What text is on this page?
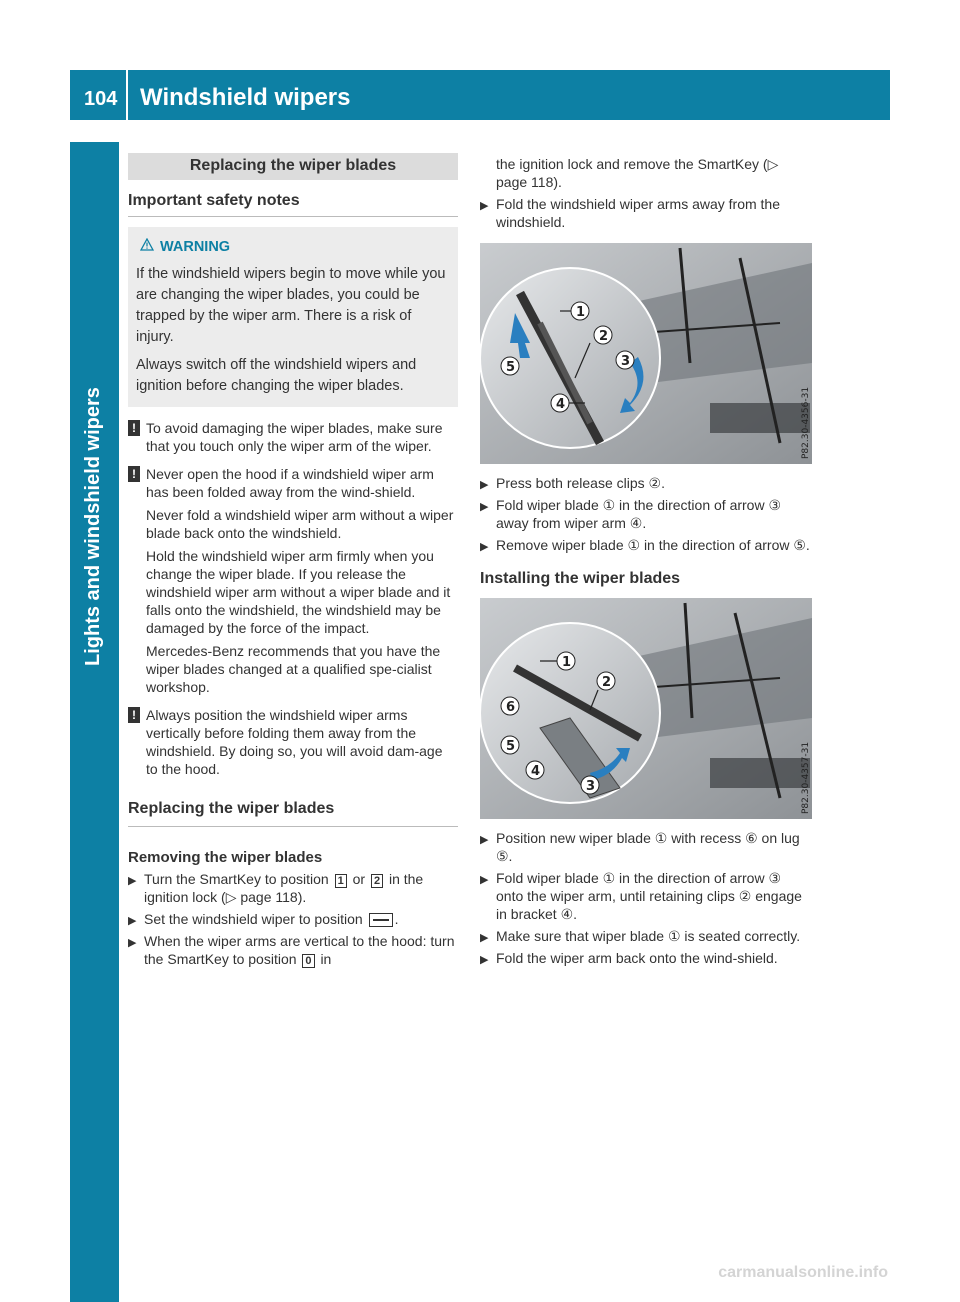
104 Windshield wipers
Lights and windshield wipers
Replacing the wiper blades
Important safety notes
WARNING

If the windshield wipers begin to move while you are changing the wiper blades, you could be trapped by the wiper arm. There is a risk of injury.

Always switch off the windshield wipers and ignition before changing the wiper blades.

! To avoid damaging the wiper blades, make sure that you touch only the wiper arm of the wiper.

! Never open the hood if a windshield wiper arm has been folded away from the wind-shield.

Never fold a windshield wiper arm without a wiper blade back onto the windshield.

Hold the windshield wiper arm firmly when you change the wiper blade. If you release the windshield wiper arm without a wiper blade and it falls onto the windshield, the windshield may be damaged by the force of the impact.

Mercedes-Benz recommends that you have the wiper blades changed at a qualified spe-cialist workshop.

! Always position the windshield wiper arms vertically before folding them away from the windshield. By doing so, you will avoid dam-age to the hood.

Replacing the wiper blades
Removing the wiper blades
▶ Turn the SmartKey to position 1 or 2 in the ignition lock (▷ page 118).
▶ Set the windshield wiper to position .
▶ When the wiper arms are vertical to the hood: turn the SmartKey to position 0 in
the ignition lock and remove the SmartKey (▷ page 118).
▶ Fold the windshield wiper arms away from the windshield.
1
2
3
4
5
P82.30-4356-31
▶ Press both release clips ②.
▶ Fold wiper blade ① in the direction of arrow ③ away from wiper arm ④.
▶ Remove wiper blade ① in the direction of arrow ⑤.
Installing the wiper blades
1
2
3
4
5
6
P82.30-4357-31
▶ Position new wiper blade ① with recess ⑥ on lug ⑤.
▶ Fold wiper blade ① in the direction of arrow ③ onto the wiper arm, until retaining clips ② engage in bracket ④.
▶ Make sure that wiper blade ① is seated correctly.
▶ Fold the wiper arm back onto the wind-shield.
carmanualsonline.info
